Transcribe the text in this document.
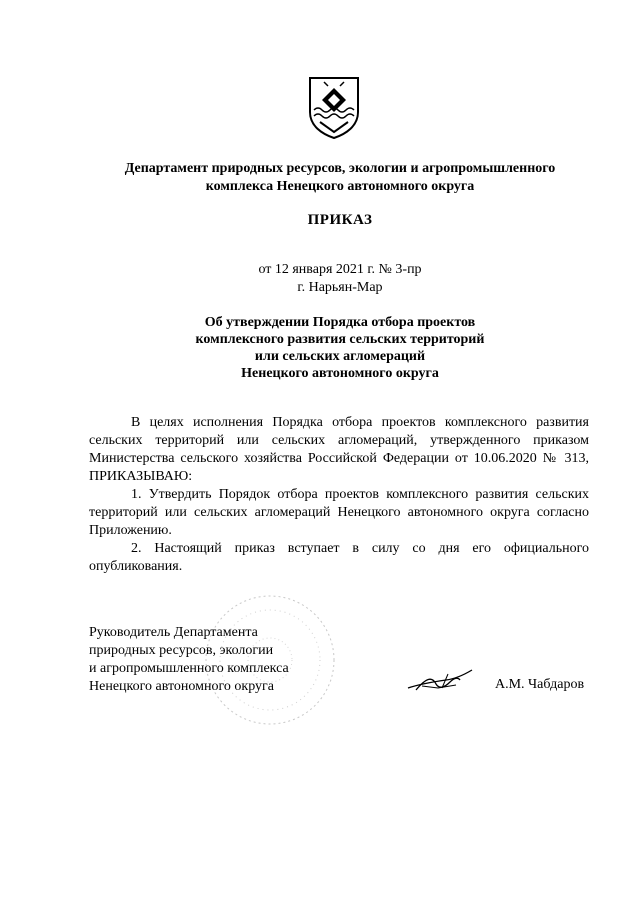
Департамент природных ресурсов, экологии и агропромышленного
комплекса Ненецкого автономного округа
ПРИКАЗ
от 12 января 2021 г. № 3-пр
г. Нарьян-Мар
Об утверждении Порядка отбора проектов
комплексного развития сельских территорий
или сельских агломераций
Ненецкого автономного округа

В целях исполнения Порядка отбора проектов комплексного развития сельских территорий или сельских агломераций, утвержденного приказом Министерства сельского хозяйства Российской Федерации от 10.06.2020 № 313, ПРИКАЗЫВАЮ:

1. Утвердить Порядок отбора проектов комплексного развития сельских территорий или сельских агломераций Ненецкого автономного округа согласно Приложению.

2. Настоящий приказ вступает в силу со дня его официального опубликования.

Руководитель Департамента
природных ресурсов, экологии
и агропромышленного комплекса
Ненецкого автономного округа	А.М. Чабдаров
